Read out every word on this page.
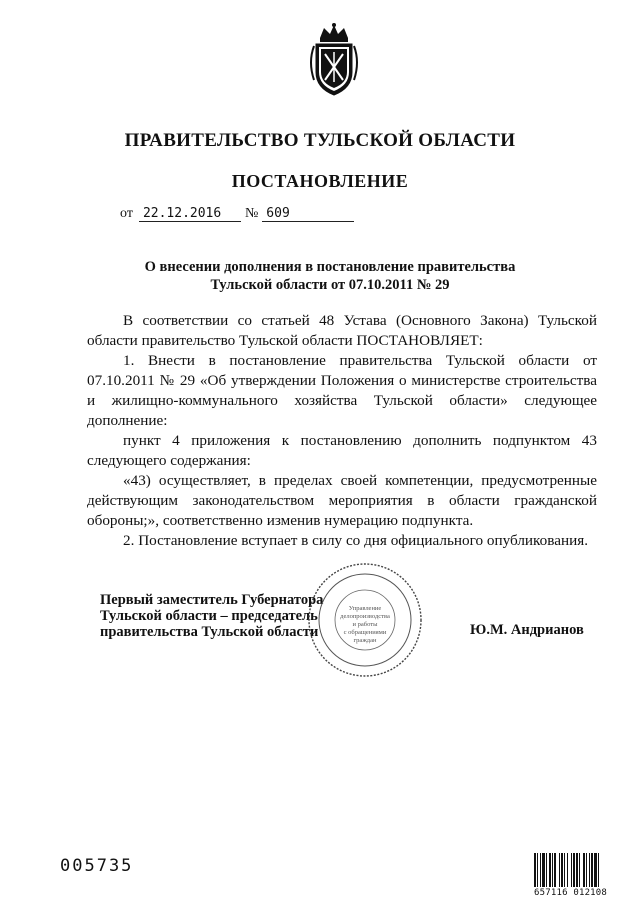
ПРАВИТЕЛЬСТВО ТУЛЬСКОЙ ОБЛАСТИ
ПОСТАНОВЛЕНИЕ
от 22.12.2016 № 609
О внесении дополнения в постановление правительства
Тульской области от 07.10.2011 № 29

В соответствии со статьей 48 Устава (Основного Закона) Тульской области правительство Тульской области ПОСТАНОВЛЯЕТ:

1. Внести в постановление правительства Тульской области от 07.10.2011 № 29 «Об утверждении Положения о министерстве строительства и жилищно-коммунального хозяйства Тульской области» следующее дополнение:

пункт 4 приложения к постановлению дополнить подпунктом 43 следующего содержания:

«43) осуществляет, в пределах своей компетенции, предусмотренные действующим законодательством мероприятия в области гражданской обороны;», соответственно изменив нумерацию подпункта.

2. Постановление вступает в силу со дня официального опубликования.

Первый заместитель Губернатора
Тульской области – председатель
правительства Тульской области	Ю.М. Андрианов
Управление
делопроизводства
и работы
с обращениями
граждан
005735
657116 012108
